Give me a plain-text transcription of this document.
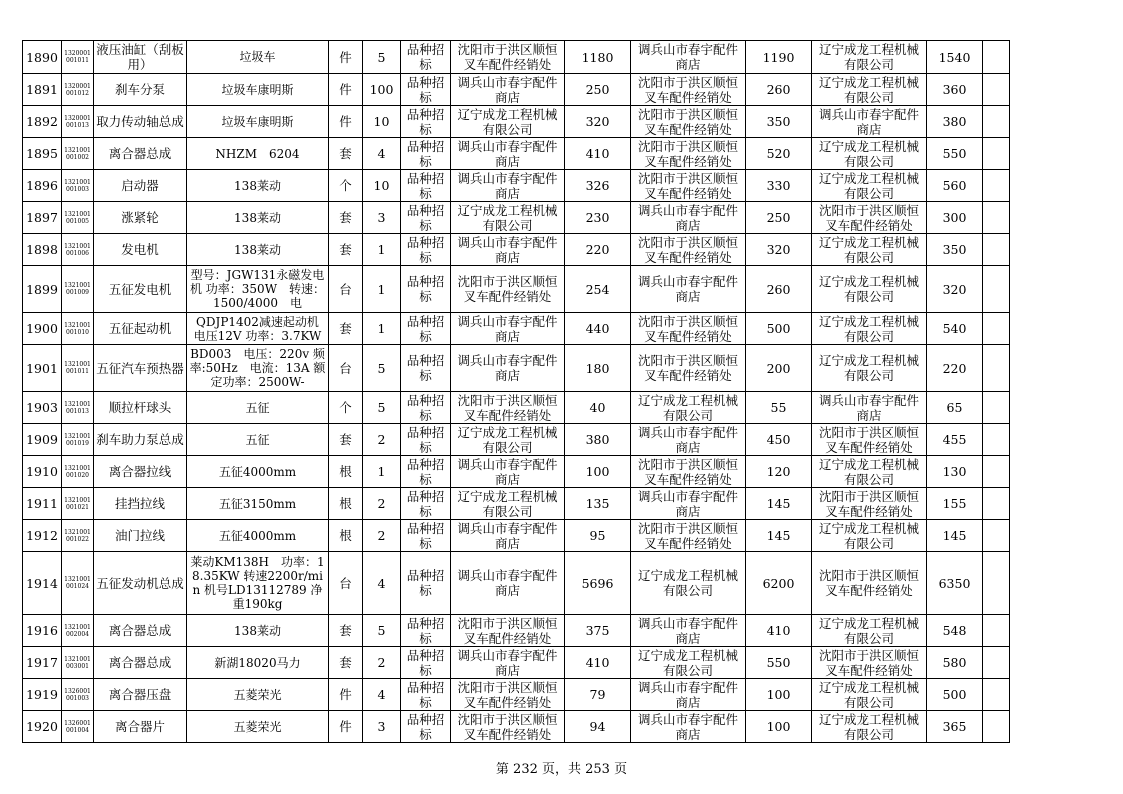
1890	1320001 001011	液压油缸（刮板用）	垃圾车	件	5	品种招标	沈阳市于洪区顺恒叉车配件经销处	1180	调兵山市春宇配件商店	1190	辽宁成龙工程机械有限公司	1540	
1891	1320001 001012	刹车分泵	垃圾车康明斯	件	100	品种招标	调兵山市春宇配件商店	250	沈阳市于洪区顺恒叉车配件经销处	260	辽宁成龙工程机械有限公司	360	
1892	1320001 001013	取力传动轴总成	垃圾车康明斯	件	10	品种招标	辽宁成龙工程机械有限公司	320	沈阳市于洪区顺恒叉车配件经销处	350	调兵山市春宇配件商店	380	
1895	1321001 001002	离合器总成	NHZM　6204	套	4	品种招标	调兵山市春宇配件商店	410	沈阳市于洪区顺恒叉车配件经销处	520	辽宁成龙工程机械有限公司	550	
1896	1321001 001003	启动器	138莱动	个	10	品种招标	调兵山市春宇配件商店	326	沈阳市于洪区顺恒叉车配件经销处	330	辽宁成龙工程机械有限公司	560	
1897	1321001 001005	涨紧轮	138莱动	套	3	品种招标	辽宁成龙工程机械有限公司	230	调兵山市春宇配件商店	250	沈阳市于洪区顺恒叉车配件经销处	300	
1898	1321001 001006	发电机	138莱动	套	1	品种招标	调兵山市春宇配件商店	220	沈阳市于洪区顺恒叉车配件经销处	320	辽宁成龙工程机械有限公司	350	
1899	1321001 001009	五征发电机	型号：JGW131永磁发电机 功率：350W　转速：1500/4000　电	台	1	品种招标	沈阳市于洪区顺恒叉车配件经销处	254	调兵山市春宇配件商店	260	辽宁成龙工程机械有限公司	320	
1900	1321001 001010	五征起动机	QDJP1402减速起动机 电压12V 功率：3.7KW	套	1	品种招标	调兵山市春宇配件商店	440	沈阳市于洪区顺恒叉车配件经销处	500	辽宁成龙工程机械有限公司	540	
1901	1321001 001011	五征汽车预热器	BD003　电压：220v 频率:50Hz　电流：13A 额定功率：2500W-	台	5	品种招标	调兵山市春宇配件商店	180	沈阳市于洪区顺恒叉车配件经销处	200	辽宁成龙工程机械有限公司	220	
1903	1321001 001013	顺拉杆球头	五征	个	5	品种招标	沈阳市于洪区顺恒叉车配件经销处	40	辽宁成龙工程机械有限公司	55	调兵山市春宇配件商店	65	
1909	1321001 001019	刹车助力泵总成	五征	套	2	品种招标	辽宁成龙工程机械有限公司	380	调兵山市春宇配件商店	450	沈阳市于洪区顺恒叉车配件经销处	455	
1910	1321001 001020	离合器拉线	五征4000mm	根	1	品种招标	调兵山市春宇配件商店	100	沈阳市于洪区顺恒叉车配件经销处	120	辽宁成龙工程机械有限公司	130	
1911	1321001 001021	挂挡拉线	五征3150mm	根	2	品种招标	辽宁成龙工程机械有限公司	135	调兵山市春宇配件商店	145	沈阳市于洪区顺恒叉车配件经销处	155	
1912	1321001 001022	油门拉线	五征4000mm	根	2	品种招标	调兵山市春宇配件商店	95	沈阳市于洪区顺恒叉车配件经销处	145	辽宁成龙工程机械有限公司	145	
1914	1321001 001024	五征发动机总成	莱动KM138H　功率：18.35KW 转速2200r/min 机号LD13112789 净重190kg	台	4	品种招标	调兵山市春宇配件商店	5696	辽宁成龙工程机械有限公司	6200	沈阳市于洪区顺恒叉车配件经销处	6350	
1916	1321001 002004	离合器总成	138莱动	套	5	品种招标	沈阳市于洪区顺恒叉车配件经销处	375	调兵山市春宇配件商店	410	辽宁成龙工程机械有限公司	548	
1917	1321001 003001	离合器总成	新湖18020马力	套	2	品种招标	调兵山市春宇配件商店	410	辽宁成龙工程机械有限公司	550	沈阳市于洪区顺恒叉车配件经销处	580	
1919	1326001 001003	离合器压盘	五菱荣光	件	4	品种招标	沈阳市于洪区顺恒叉车配件经销处	79	调兵山市春宇配件商店	100	辽宁成龙工程机械有限公司	500	
1920	1326001 001004	离合器片	五菱荣光	件	3	品种招标	沈阳市于洪区顺恒叉车配件经销处	94	调兵山市春宇配件商店	100	辽宁成龙工程机械有限公司	365	
第 232 页，共 253 页
